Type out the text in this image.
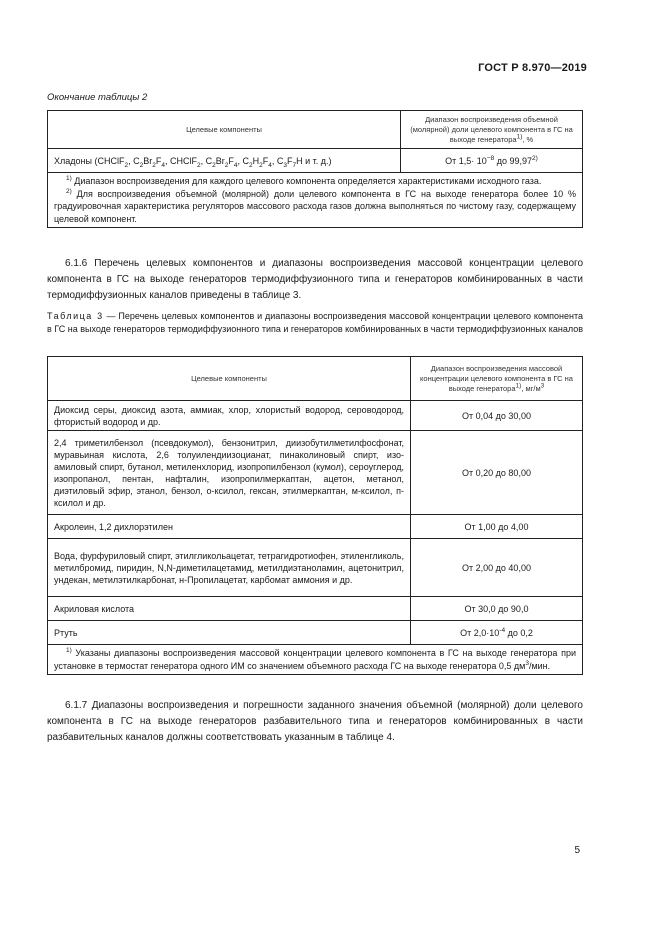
ГОСТ Р 8.970—2019
Окончание таблицы 2
Целевые компоненты	Диапазон воспроизведения объемной (молярной) доли целевого компонента в ГС на выходе генератора$^{1)}$, %
Хладоны (CHClF$_2$, $C_2Br_2F_4$, CHClF$_2$, $C_2Br_2F_4$, $C_2H_2F_4$, $C_3F_7H$ и т. д.)	От $1,5\cdot 10^{-8}$ до 99,97$^{2)}$

$^{1)}$ Диапазон воспроизведения для каждого целевого компонента определяется характеристиками исходного газа.
$^{2)}$ Для воспроизведения объемной (молярной) доли целевого компонента в ГС на выходе генератора более 10 % градуировочная характеристика регуляторов массового расхода газов должна выполняться по чистому газу, содержащему целевой компонент.	
6.1.6 Перечень целевых компонентов и диапазоны воспроизведения массовой концентрации целевого компонента в ГС на выходе генераторов термодиффузионного типа и генераторов комбинированных в части термодиффузионных каналов приведены в таблице 3.
Таблица 3 — Перечень целевых компонентов и диапазоны воспроизведения массовой концентрации целевого компонента в ГС на выходе генераторов термодиффузионного типа и генераторов комбинированных в части термодиффузионных каналов
Целевые компоненты	Диапазон воспроизведения массовой концентрации целевого компонента в ГС на выходе генератора$^{1)}$, $мг/м^3$
Диоксид серы, диоксид азота, аммиак, хлор, хлористый водород, сероводород, фтористый водород и др.	От 0,04 до 30,00
2,4 триметилбензол (псевдокумол), бензонитрил, диизобутилметилфосфонат, муравьиная кислота, 2,6 толуилендиизоцианат, пинаколиновый спирт, изо-амиловый спирт, бутанол, метиленхлорид, изопропилбензол (кумол), сероуглерод, изопропанол, пентан, нафталин, изопропилмеркаптан, ацетон, метанол, диэтиловый эфир, этанол, бензол, о-ксилол, гексан, этилмеркаптан, м-ксилол, п-ксилол и др.	От 0,20 до 80,00
Акролеин, 1,2 дихлорэтилен	От 1,00 до 4,00
Вода, фурфуриловый спирт, этилгликольацетат, тетрагидротиофен, этиленгликоль, метилбромид, пиридин, N,N-диметилацетамид, метилдиэтаноламин, ацетонитрил, ундекан, метилэтилкарбонат, н-Пропилацетат, карбомат аммония и др.	От 2,00 до 40,00
Акриловая кислота	От 30,0 до 90,0
Ртуть	От $2,0\cdot 10^{-4}$ до 0,2

$^{1)}$ Указаны диапазоны воспроизведения массовой концентрации целевого компонента в ГС на выходе генератора при установке в термостат генератора одного ИМ со значением объемного расхода ГС на выходе генератора 0,5 $дм^3$/мин.	
6.1.7 Диапазоны воспроизведения и погрешности заданного значения объемной (молярной) доли целевого компонента в ГС на выходе генераторов разбавительного типа и генераторов комбинированных в части разбавительных каналов должны соответствовать указанным в таблице 4.
5
